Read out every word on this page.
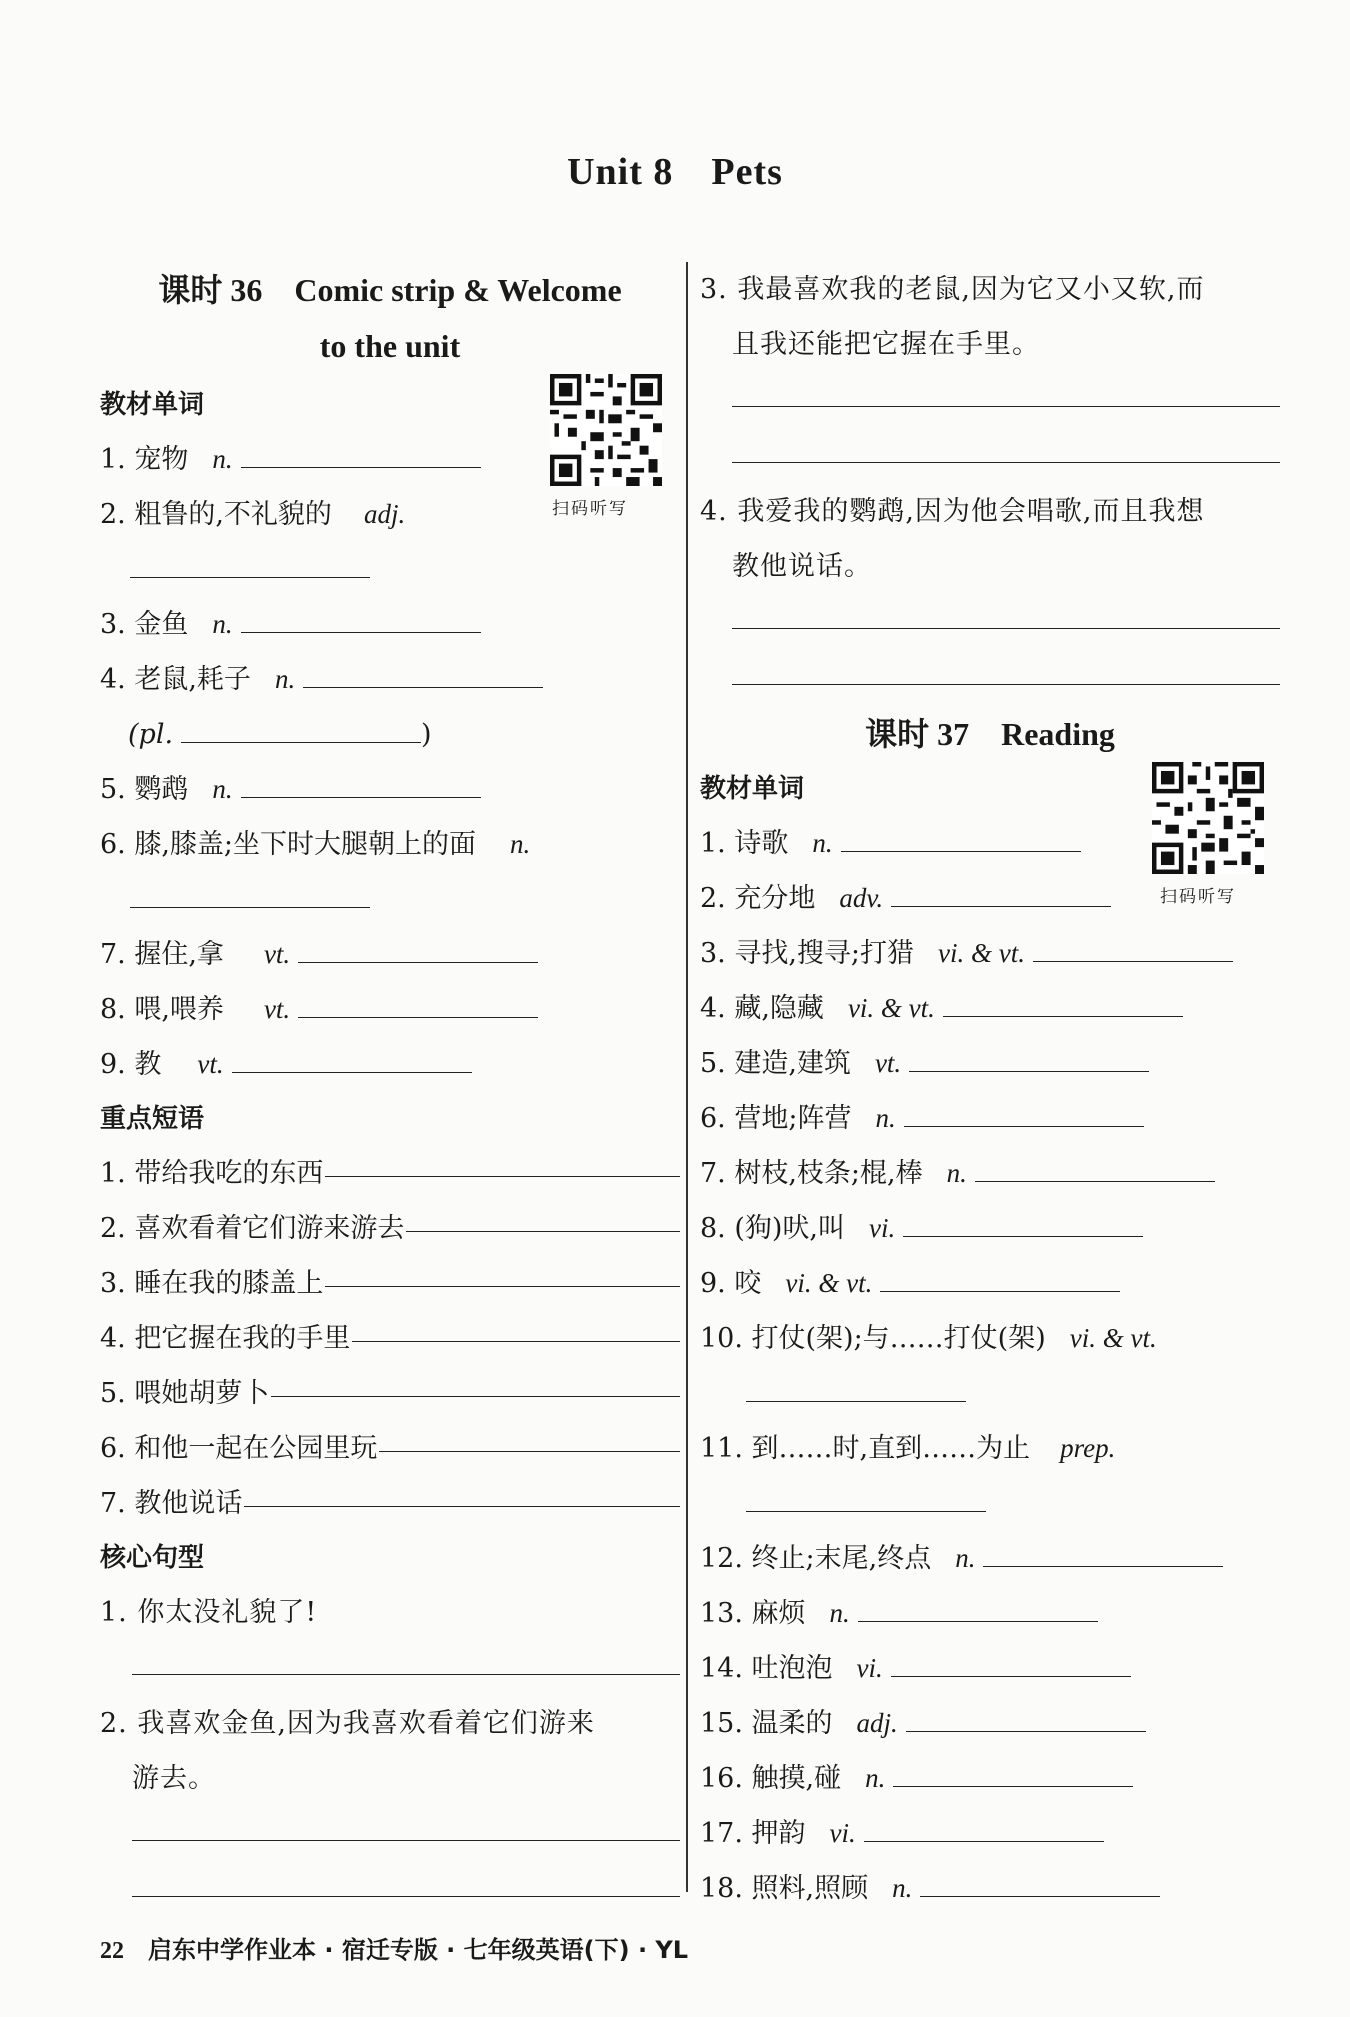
Unit 8 Pets
课时 36　Comic strip & Welcome
to the unit
教材单词
1. 宠物 n.
2. 粗鲁的,不礼貌的 adj.
3. 金鱼 n.
4. 老鼠,耗子 n.
(pl.	)
5. 鹦鹉 n.
6. 膝,膝盖;坐下时大腿朝上的面 n.
7. 握住,拿 vt.
8. 喂,喂养 vt.
9. 教 vt.
重点短语
1. 带给我吃的东西
2. 喜欢看着它们游来游去
3. 睡在我的膝盖上
4. 把它握在我的手里
5. 喂她胡萝卜
6. 和他一起在公园里玩
7. 教他说话
核心句型
1. 你太没礼貌了!
2. 我喜欢金鱼,因为我喜欢看着它们游来
游去。
扫码听写
3. 我最喜欢我的老鼠,因为它又小又软,而
且我还能把它握在手里。
4. 我爱我的鹦鹉,因为他会唱歌,而且我想
教他说话。
课时 37　Reading
教材单词
1. 诗歌 n.
2. 充分地 adv.
3. 寻找,搜寻;打猎 vi. & vt.
4. 藏,隐藏 vi. & vt.
5. 建造,建筑 vt.
6. 营地;阵营 n.
7. 树枝,枝条;棍,棒 n.
8. (狗)吠,叫 vi.
9. 咬 vi. & vt.
10. 打仗(架);与……打仗(架) vi. & vt.
11. 到……时,直到……为止 prep.
12. 终止;末尾,终点 n.
13. 麻烦 n.
14. 吐泡泡 vi.
15. 温柔的 adj.
16. 触摸,碰 n.
17. 押韵 vi.
18. 照料,照顾 n.
扫码听写
22 启东中学作业本 · 宿迁专版 · 七年级英语(下) · YL
